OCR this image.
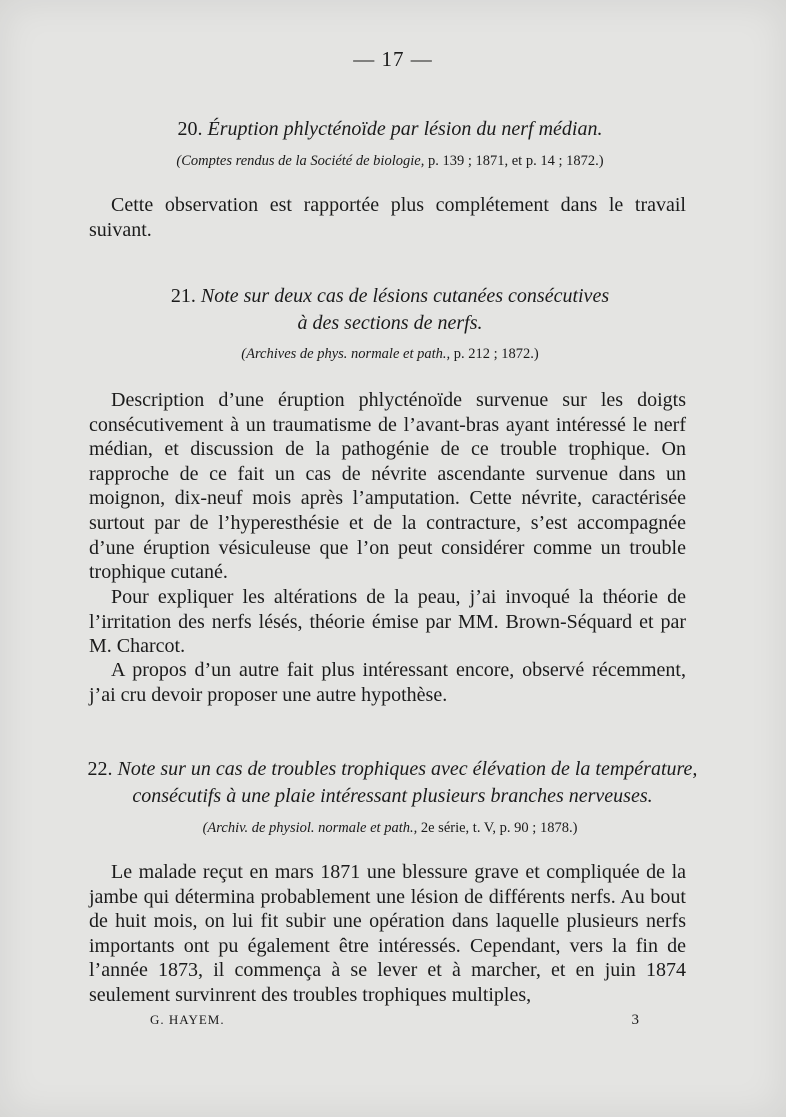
— 17 —
20. Éruption phlycténoïde par lésion du nerf médian.
(Comptes rendus de la Société de biologie, p. 139 ; 1871, et p. 14 ; 1872.)

Cette observation est rapportée plus complétement dans le travail suivant.

21. Note sur deux cas de lésions cutanées consécutives
à des sections de nerfs.
(Archives de phys. normale et path., p. 212 ; 1872.)

Description d’une éruption phlycténoïde survenue sur les doigts consécutivement à un traumatisme de l’avant-bras ayant intéressé le nerf médian, et discussion de la pathogénie de ce trouble trophique. On rapproche de ce fait un cas de névrite ascendante survenue dans un moignon, dix-neuf mois après l’amputation. Cette névrite, caractérisée surtout par de l’hyperesthésie et de la contracture, s’est accompagnée d’une éruption vésiculeuse que l’on peut considérer comme un trouble trophique cutané.

Pour expliquer les altérations de la peau, j’ai invoqué la théorie de l’irritation des nerfs lésés, théorie émise par MM. Brown-Séquard et par M. Charcot.

A propos d’un autre fait plus intéressant encore, observé récemment, j’ai cru devoir proposer une autre hypothèse.

22. Note sur un cas de troubles trophiques avec élévation de la température,
consécutifs à une plaie intéressant plusieurs branches nerveuses.
(Archiv. de physiol. normale et path., 2e série, t. V, p. 90 ; 1878.)

Le malade reçut en mars 1871 une blessure grave et compliquée de la jambe qui détermina probablement une lésion de différents nerfs. Au bout de huit mois, on lui fit subir une opération dans laquelle plusieurs nerfs importants ont pu également être intéressés. Cependant, vers la fin de l’année 1873, il commença à se lever et à marcher, et en juin 1874 seulement survinrent des troubles trophiques multiples,

G. HAYEM.	3
